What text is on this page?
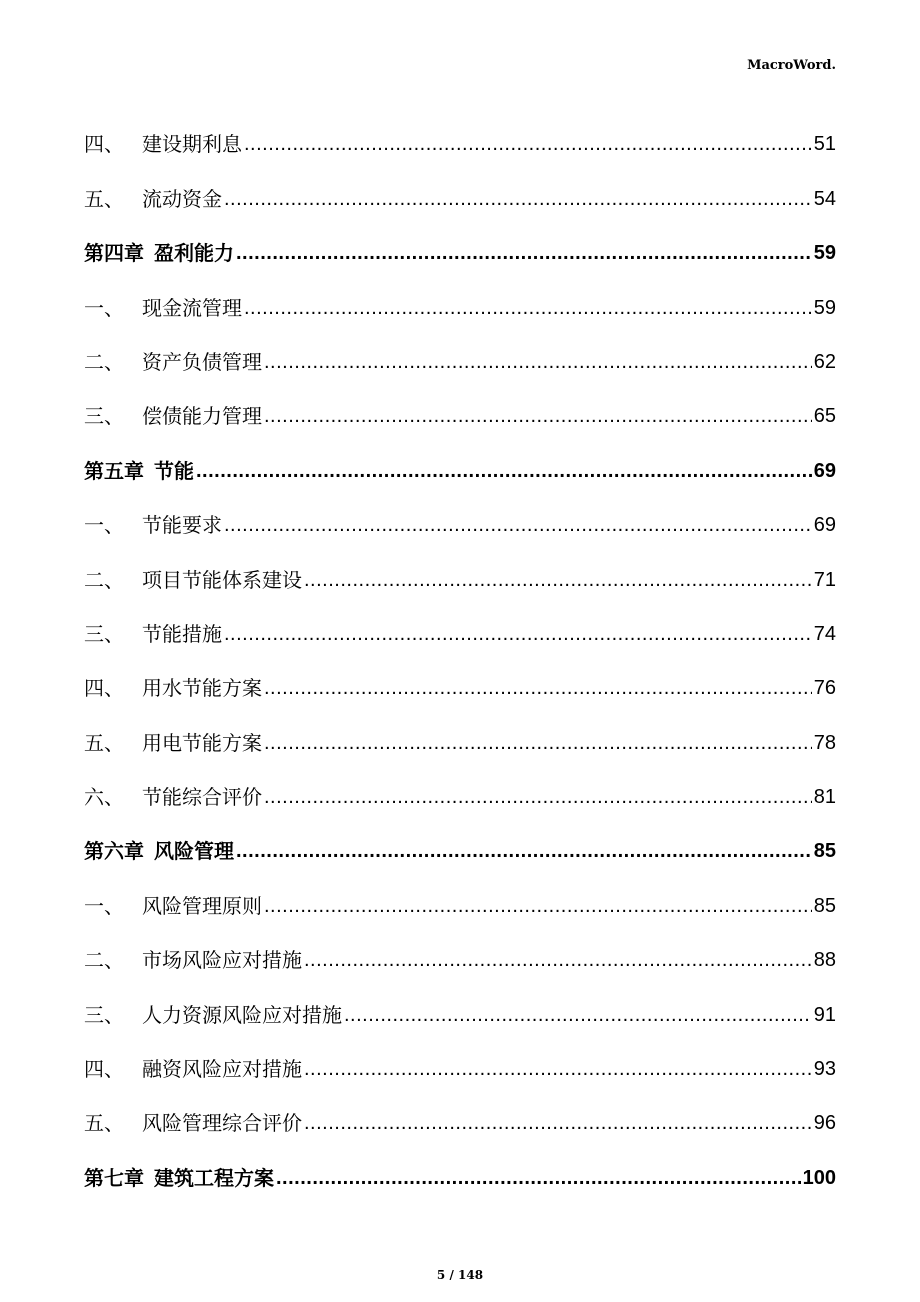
MacroWord.
四、 建设期利息 .....	51
五、 流动资金 .....	54
第四章 盈利能力 .....	59
一、 现金流管理 .....	59
二、 资产负债管理 .....	62
三、 偿债能力管理 .....	65
第五章 节能 .....	69
一、 节能要求 .....	69
二、 项目节能体系建设 .....	71
三、 节能措施 .....	74
四、 用水节能方案 .....	76
五、 用电节能方案 .....	78
六、 节能综合评价 .....	81
第六章 风险管理 .....	85
一、 风险管理原则 .....	85
二、 市场风险应对措施 .....	88
三、 人力资源风险应对措施 .....	91
四、 融资风险应对措施 .....	93
五、 风险管理综合评价 .....	96
第七章 建筑工程方案 .....	100
5 / 148
